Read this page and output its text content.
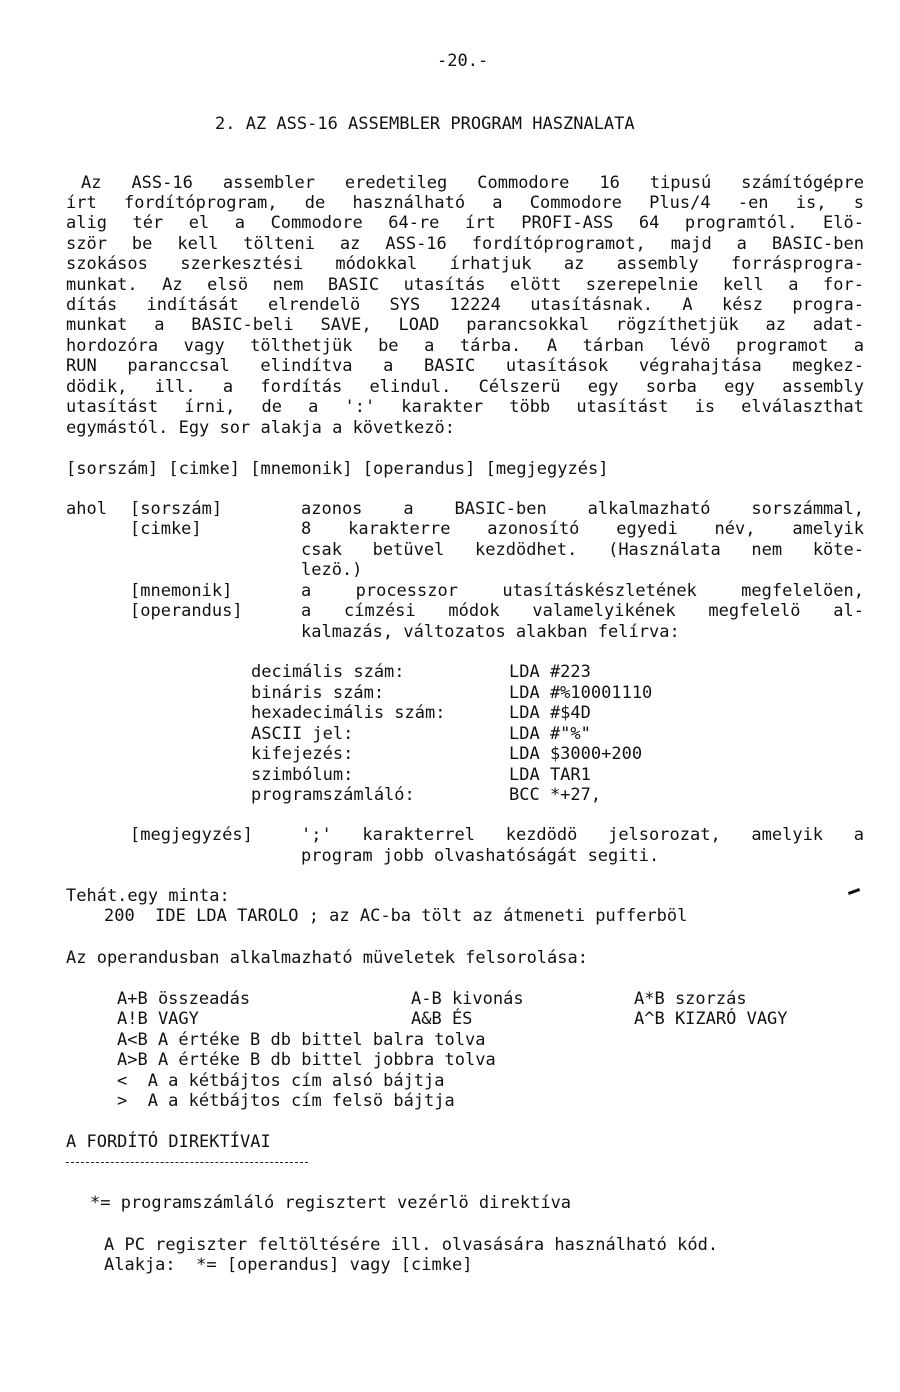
-20.-
2. AZ ASS-16 ASSEMBLER PROGRAM HASZNALATA
Az ASS-16 assembler eredetileg Commodore 16 tipusú számítógépre
írt fordítóprogram, de használható a Commodore Plus/4 -en is, s
alig tér el a Commodore 64-re írt PROFI-ASS 64 programtól. Elö-
ször be kell tölteni az ASS-16 fordítóprogramot, majd a BASIC-ben
szokásos szerkesztési módokkal írhatjuk az assembly forrásprogra-
munkat. Az elsö nem BASIC utasítás elött szerepelnie kell a for-
dítás indítását elrendelö SYS 12224 utasításnak. A kész progra-
munkat a BASIC-beli SAVE, LOAD parancsokkal rögzíthetjük az adat-
hordozóra vagy tölthetjük be a tárba. A tárban lévö programot a
RUN paranccsal elindítva a BASIC utasítások végrahajtása megkez-
dödik, ill. a fordítás elindul. Célszerü egy sorba egy assembly
utasítást írni, de a ':' karakter több utasítást is elválaszthat
egymástól. Egy sor alakja a következö:
[sorszám] [cimke] [mnemonik] [operandus] [megjegyzés]
ahol [sorszám]	azonos a BASIC-ben alkalmazható sorszámmal,
[cimke]	8 karakterre azonosító egyedi név, amelyik
csak betüvel kezdödhet. (Használata nem köte-
lezö.)
[mnemonik]	a processzor utasításkészletének megfelelöen,
[operandus]	a címzési módok valamelyikének megfelelö al-
kalmazás, változatos alakban felírva:
decimális szám:	LDA #223
bináris szám:	LDA #%10001110
hexadecimális szám:	LDA #$4D
ASCII jel:	LDA #"%"
kifejezés:	LDA $3000+200
szimbólum:	LDA TAR1
programszámláló:	BCC *+27,
[megjegyzés]	';' karakterrel kezdödö jelsorozat, amelyik a
program jobb olvashatóságát segiti.
Tehát.egy minta:
200  IDE LDA TAROLO ; az AC-ba tölt az átmeneti pufferböl
Az operandusban alkalmazható müveletek felsorolása:
A+B összeadás	A-B kivonás	A*B szorzás
A!B VAGY	A&B ÉS	A^B KIZARÓ VAGY
A<B A értéke B db bittel balra tolva
A>B A értéke B db bittel jobbra tolva
<  A a kétbájtos cím alsó bájtja
>  A a kétbájtos cím felsö bájtja
A FORDÍTÓ DIREKTÍVAI
*= programszámláló regisztert vezérlö direktíva
A PC regiszter feltöltésére ill. olvasására használható kód.
Alakja:  *= [operandus] vagy [cimke]
